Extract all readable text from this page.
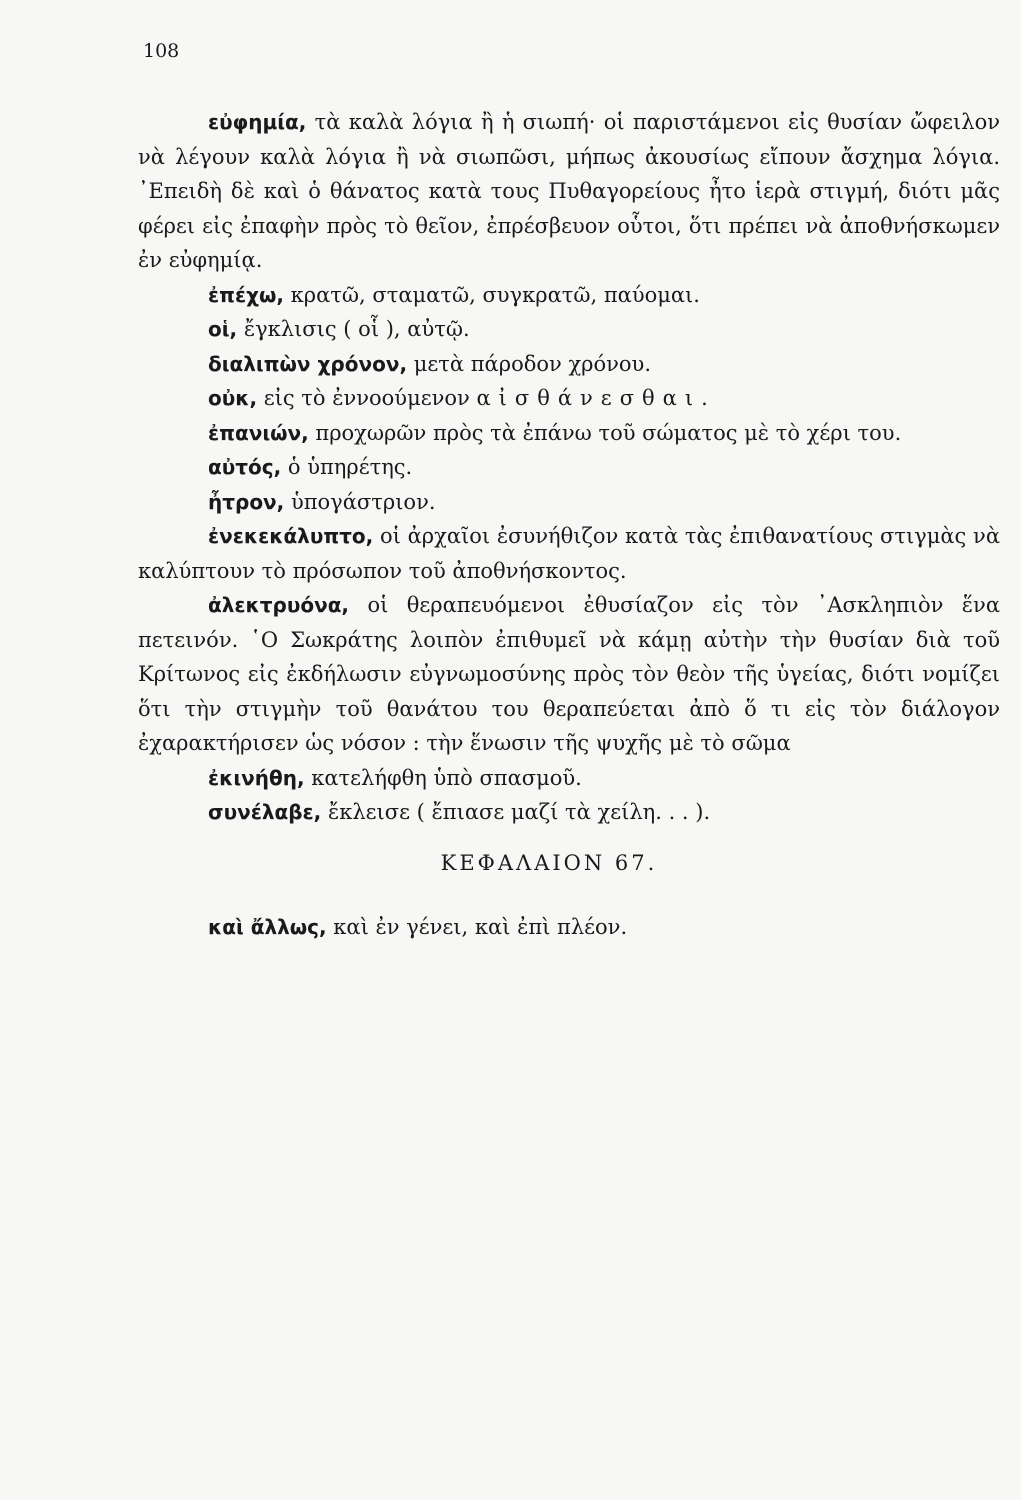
108

εὐφημία, τὰ καλὰ λόγια ἢ ἡ σιωπή· οἱ παριστάμενοι εἰς θυσίαν ὤφειλον νὰ λέγουν καλὰ λόγια ἢ νὰ σιωπῶσι, μήπως ἀκουσίως εἴπουν ἄσχημα λόγια. ᾿Επειδὴ δὲ καὶ ὁ θάνατος κατὰ τους Πυθαγορείους ἦτο ἱερὰ στιγμή, διότι μᾶς φέρει εἰς ἐπαφὴν πρὸς τὸ θεῖον, ἐπρέσβευον οὗτοι, ὅτι πρέπει νὰ ἀποθνήσκωμεν ἐν εὐφημίᾳ.

ἐπέχω, κρατῶ, σταματῶ, συγκρατῶ, παύομαι.

οἱ, ἔγκλισις ( οἷ ), αὐτῷ.

διαλιπὼν χρόνον, μετὰ πάροδον χρόνου.

οὐκ, εἰς τὸ ἐννοούμενον αἰσθάνεσθαι.

ἐπανιών, προχωρῶν πρὸς τὰ ἐπάνω τοῦ σώματος μὲ τὸ χέρι του.

αὐτός, ὁ ὑπηρέτης.

ἦτρον, ὑπογάστριον.

ἐνεκεκάλυπτο, οἱ ἀρχαῖοι ἐσυνήθιζον κατὰ τὰς ἐπιθανατίους στιγμὰς νὰ καλύπτουν τὸ πρόσωπον τοῦ ἀποθνήσκοντος.

ἀλεκτρυόνα, οἱ θεραπευόμενοι ἐθυσίαζον εἰς τὸν ᾿Ασκληπιὸν ἕνα πετεινόν. ῾Ο Σωκράτης λοιπὸν ἐπιθυμεῖ νὰ κάμῃ αὐτὴν τὴν θυσίαν διὰ τοῦ Κρίτωνος εἰς ἐκδήλωσιν εὐγνωμοσύνης πρὸς τὸν θεὸν τῆς ὑγείας, διότι νομίζει ὅτι τὴν στιγμὴν τοῦ θανάτου του θεραπεύεται ἀπὸ ὅ τι εἰς τὸν διάλογον ἐχαρακτήρισεν ὡς νόσον : τὴν ἕνωσιν τῆς ψυχῆς μὲ τὸ σῶμα

ἐκινήθη, κατελήφθη ὑπὸ σπασμοῦ.

συνέλαβε, ἔκλεισε ( ἔπιασε μαζί τὰ χείλη. . . ).

ΚΕΦΑΛΑΙΟΝ 67.

καὶ ἄλλως, καὶ ἐν γένει, καὶ ἐπὶ πλέον.
